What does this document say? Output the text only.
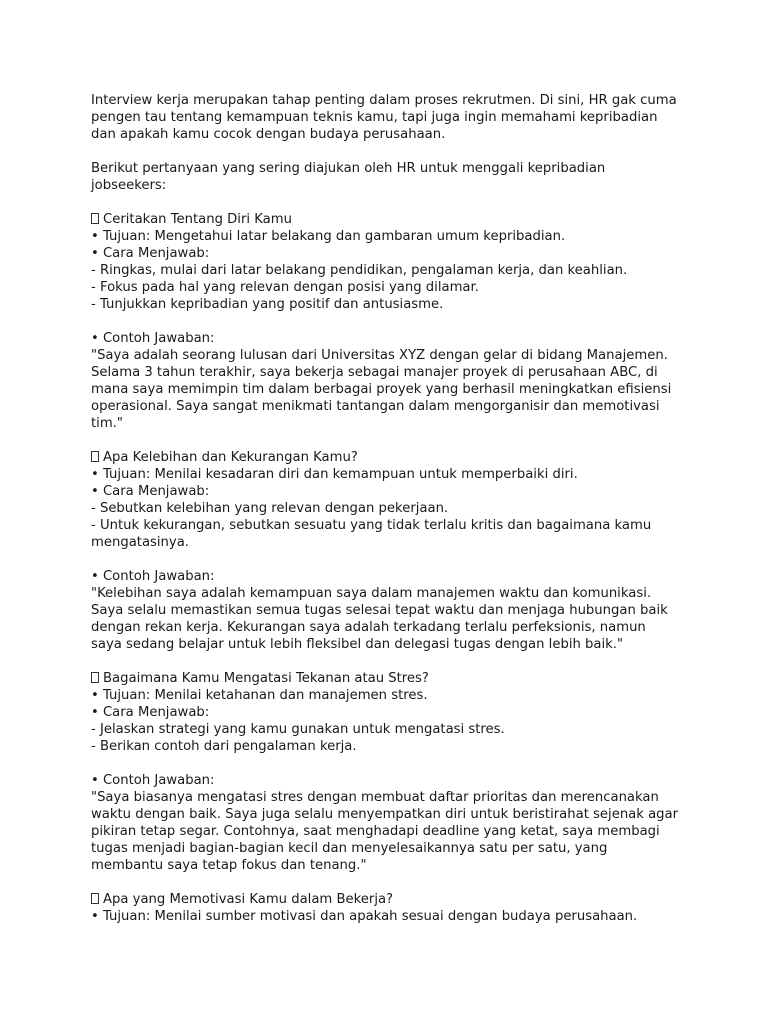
Interview kerja merupakan tahap penting dalam proses rekrutmen. Di sini, HR gak cuma
pengen tau tentang kemampuan teknis kamu, tapi juga ingin memahami kepribadian
dan apakah kamu cocok dengan budaya perusahaan.
Berikut pertanyaan yang sering diajukan oleh HR untuk menggali kepribadian
jobseekers:
Ceritakan Tentang Diri Kamu
• Tujuan: Mengetahui latar belakang dan gambaran umum kepribadian.
• Cara Menjawab:
- Ringkas, mulai dari latar belakang pendidikan, pengalaman kerja, dan keahlian.
- Fokus pada hal yang relevan dengan posisi yang dilamar.
- Tunjukkan kepribadian yang positif dan antusiasme.
• Contoh Jawaban:
"Saya adalah seorang lulusan dari Universitas XYZ dengan gelar di bidang Manajemen.
Selama 3 tahun terakhir, saya bekerja sebagai manajer proyek di perusahaan ABC, di
mana saya memimpin tim dalam berbagai proyek yang berhasil meningkatkan efisiensi
operasional. Saya sangat menikmati tantangan dalam mengorganisir dan memotivasi
tim."
Apa Kelebihan dan Kekurangan Kamu?
• Tujuan: Menilai kesadaran diri dan kemampuan untuk memperbaiki diri.
• Cara Menjawab:
- Sebutkan kelebihan yang relevan dengan pekerjaan.
- Untuk kekurangan, sebutkan sesuatu yang tidak terlalu kritis dan bagaimana kamu
mengatasinya.
• Contoh Jawaban:
"Kelebihan saya adalah kemampuan saya dalam manajemen waktu dan komunikasi.
Saya selalu memastikan semua tugas selesai tepat waktu dan menjaga hubungan baik
dengan rekan kerja. Kekurangan saya adalah terkadang terlalu perfeksionis, namun
saya sedang belajar untuk lebih fleksibel dan delegasi tugas dengan lebih baik."
Bagaimana Kamu Mengatasi Tekanan atau Stres?
• Tujuan: Menilai ketahanan dan manajemen stres.
• Cara Menjawab:
- Jelaskan strategi yang kamu gunakan untuk mengatasi stres.
- Berikan contoh dari pengalaman kerja.
• Contoh Jawaban:
"Saya biasanya mengatasi stres dengan membuat daftar prioritas dan merencanakan
waktu dengan baik. Saya juga selalu menyempatkan diri untuk beristirahat sejenak agar
pikiran tetap segar. Contohnya, saat menghadapi deadline yang ketat, saya membagi
tugas menjadi bagian-bagian kecil dan menyelesaikannya satu per satu, yang
membantu saya tetap fokus dan tenang."
Apa yang Memotivasi Kamu dalam Bekerja?
• Tujuan: Menilai sumber motivasi dan apakah sesuai dengan budaya perusahaan.
